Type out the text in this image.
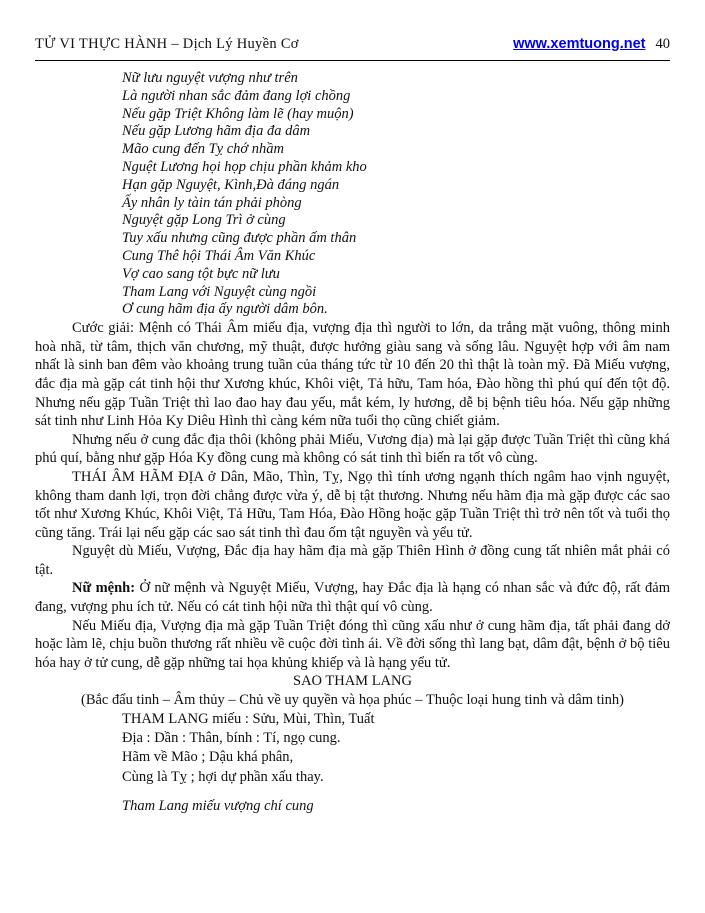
TỬ VI THỰC HÀNH – Dịch Lý Huyền Cơ	www.xemtuong.net 40
Nữ lưu nguyệt vượng như trên
Là người nhan sắc đảm đang lợi chồng
Nếu gặp Triệt Không làm lẽ (hay muộn)
Nếu gặp Lương hãm địa đa dâm
Mão cung đến Tỵ chớ nhầm
Nguệt Lương họi họp chịu phần khảm kho
Hạn gặp Nguyệt, Kình,Đà đáng ngán
Ấy nhân ly tàin tán phải phòng
Nguyệt gặp Long Trì ở cùng
Tuy xấu nhưng cũng được phần ấm thân
Cung Thê hội Thái Âm Văn Khúc
Vợ cao sang tột bực nữ lưu
Tham Lang với Nguyệt cùng ngồi
Ơ cung hãm địa ấy người dâm bôn.

Cước giải: Mệnh có Thái Âm miếu địa, vượng địa thì người to lớn, da trắng mặt vuông, thông minh hoà nhã, từ tâm, thịch văn chương, mỹ thuật, được hưởng giàu sang và sống lâu. Nguyệt hợp với âm nam nhất là sinh ban đêm vào khoảng trung tuần của tháng tức từ 10 đến 20 thì thật là toàn mỹ. Đã Miếu vượng, đắc địa mà gặp cát tinh hội thư Xương khúc, Khôi việt, Tả hữu, Tam hóa, Đào hồng thì phú quí đến tột độ. Nhưng nếu gặp Tuần Triệt thì lao đao hay đau yếu, mắt kém, ly hương, dễ bị bệnh tiêu hóa. Nếu gặp những sát tinh như Linh Hỏa Ky Diêu Hình thì càng kém nữa tuổi thọ cũng chiết giảm.

Nhưng nếu ở cung đắc địa thôi (không phải Miếu, Vương địa) mà lại gặp được Tuần Triệt thì cũng khá phú quí, bằng như gặp Hóa Ky đồng cung mà không có sát tinh thì biến ra tốt vô cùng.

THÁI ÂM HÃM ĐỊA ở Dân, Mão, Thìn, Tỵ, Ngọ thì tính ương ngạnh thích ngâm hao vịnh nguyệt, không tham danh lợi, trọn đời chẳng được vừa ý, dễ bị tật thương. Nhưng nếu hãm địa mà gặp được các sao tốt như Xương Khúc, Khôi Việt, Tả Hữu, Tam Hóa, Đào Hồng hoặc gặp Tuần Triệt thì trở nên tốt và tuổi thọ cũng tăng. Trái lại nếu gặp các sao sát tinh thì đau ốm tật nguyền và yểu tử.

Nguyệt dù Miếu, Vượng, Đắc địa hay hãm địa mà gặp Thiên Hình ở đồng cung tất nhiên mắt phải có tật.

Nữ mệnh: Ở nữ mệnh và Nguyệt Miếu, Vượng, hay Đắc địa là hạng có nhan sắc và đức độ, rất đảm đang, vượng phu ích tử. Nếu có cát tinh hội nữa thì thật quí vô cùng.

Nếu Miếu địa, Vượng địa mà gặp Tuần Triệt đóng thì cũng xấu như ở cung hãm địa, tất phải đang dở hoặc làm lẽ, chịu buồn thương rất nhiều về cuộc đời tình ái. Về đời sống thì lang bạt, dâm đật, bệnh ở bộ tiêu hóa hay ở tử cung, dễ gặp những tai họa khủng khiếp và là hạng yểu tử.

SAO THAM LANG
(Bắc đẩu tinh – Âm thủy – Chủ về uy quyền và họa phúc – Thuộc loại hung tinh và dâm tinh)
THAM LANG miếu : Sửu, Mùi, Thìn, Tuất
Địa : Dần : Thân, bính : Tí, ngọ cung.
Hãm về Mão ; Dậu khá phân,
Cùng là Tỵ ; hợi dự phần xấu thay.
Tham Lang miếu vượng chí cung
